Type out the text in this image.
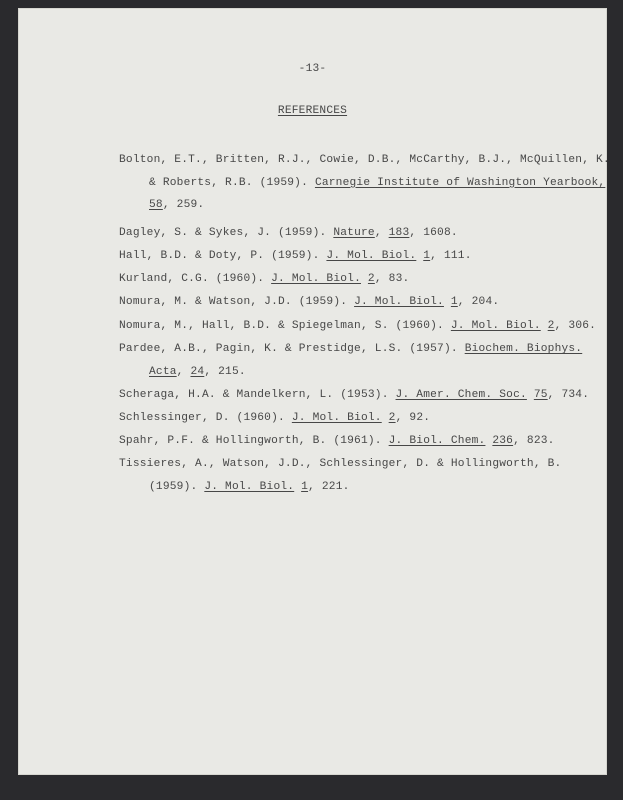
-13-
REFERENCES
Bolton, E.T., Britten, R.J., Cowie, D.B., McCarthy, B.J., McQuillen, K.
& Roberts, R.B. (1959). Carnegie Institute of Washington Yearbook,
58, 259.
Dagley, S. & Sykes, J. (1959). Nature, 183, 1608.
Hall, B.D. & Doty, P. (1959). J. Mol. Biol. 1, 111.
Kurland, C.G. (1960). J. Mol. Biol. 2, 83.
Nomura, M. & Watson, J.D. (1959). J. Mol. Biol. 1, 204.
Nomura, M., Hall, B.D. & Spiegelman, S. (1960). J. Mol. Biol. 2, 306.
Pardee, A.B., Pagin, K. & Prestidge, L.S. (1957). Biochem. Biophys.
Acta, 24, 215.
Scheraga, H.A. & Mandelkern, L. (1953). J. Amer. Chem. Soc. 75, 734.
Schlessinger, D. (1960). J. Mol. Biol. 2, 92.
Spahr, P.F. & Hollingworth, B. (1961). J. Biol. Chem. 236, 823.
Tissieres, A., Watson, J.D., Schlessinger, D. & Hollingworth, B.
(1959). J. Mol. Biol. 1, 221.
